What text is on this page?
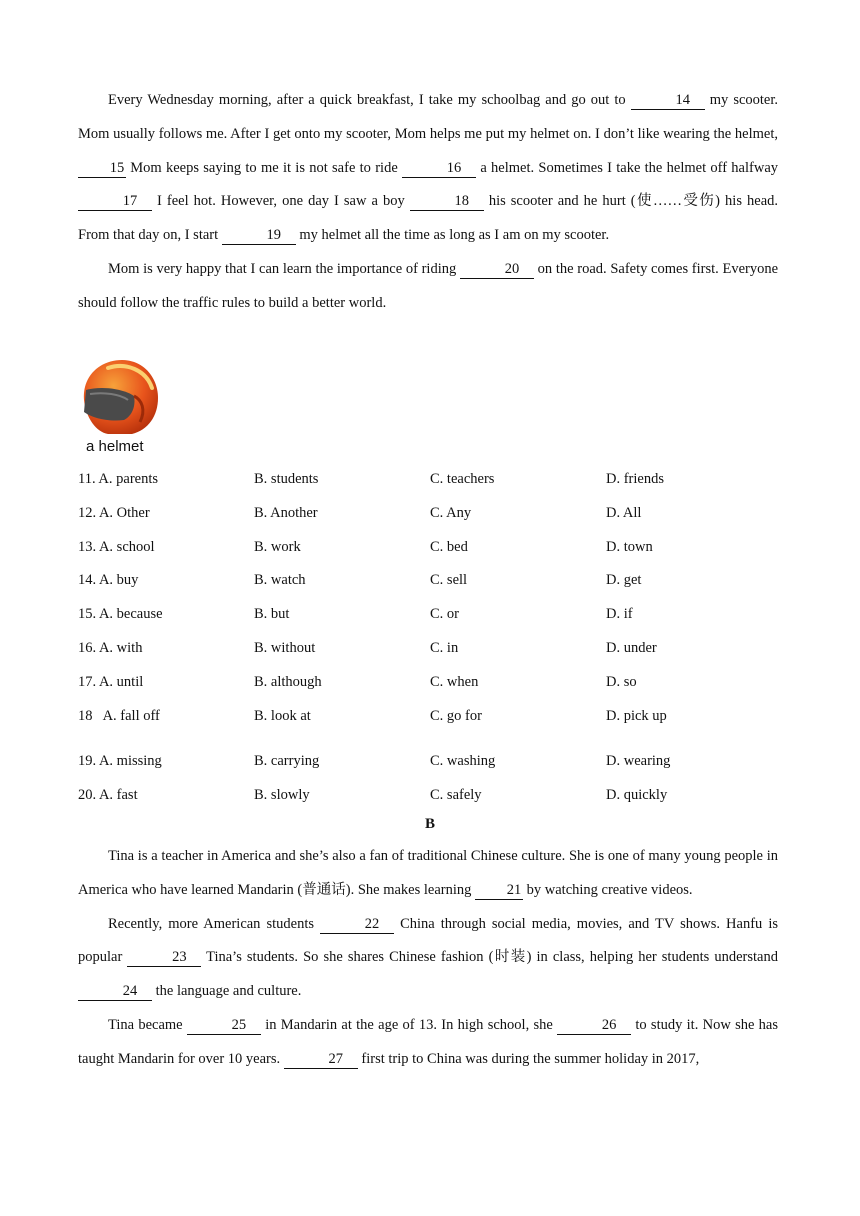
Every Wednesday morning, after a quick breakfast, I take my schoolbag and go out to	14 my scooter. Mom usually follows me. After I get onto my scooter, Mom helps me put my helmet on. I don’t like wearing the helmet, 15 Mom keeps saying to me it is not safe to ride	16 a helmet. Sometimes I take the helmet off halfway 17 I feel hot. However, one day I saw a boy	18 his scooter and he hurt (使……受伤) his head. From that day on, I start	19 my helmet all the time as long as I am on my scooter.

Mom is very happy that I can learn the importance of riding	20 on the road. Safety comes first. Everyone should follow the traffic rules to build a better world.

a helmet
11. A. parents	B. students	C. teachers	D. friends
12. A. Other	B. Another	C. Any	D. All
13. A. school	B. work	C. bed	D. town
14. A. buy	B. watch	C. sell	D. get
15. A. because	B. but	C. or	D. if
16. A. with	B. without	C. in	D. under
17. A. until	B. although	C. when	D. so
18   A. fall off	B. look at	C. go for	D. pick up
19. A. missing	B. carrying	C. washing	D. wearing
20. A. fast	B. slowly	C. safely	D. quickly
B

Tina is a teacher in America and she’s also a fan of traditional Chinese culture. She is one of many young people in America who have learned Mandarin (普通话). She makes learning 21 by watching creative videos.

Recently, more American students	22 China through social media, movies, and TV shows. Hanfu is popular	23 Tina’s students. So she shares Chinese fashion (时装) in class, helping her students understand 24 the language and culture.

Tina became	25 in Mandarin at the age of 13. In high school, she	26 to study it. Now she has taught Mandarin for over 10 years.	27 first trip to China was during the summer holiday in 2017,
